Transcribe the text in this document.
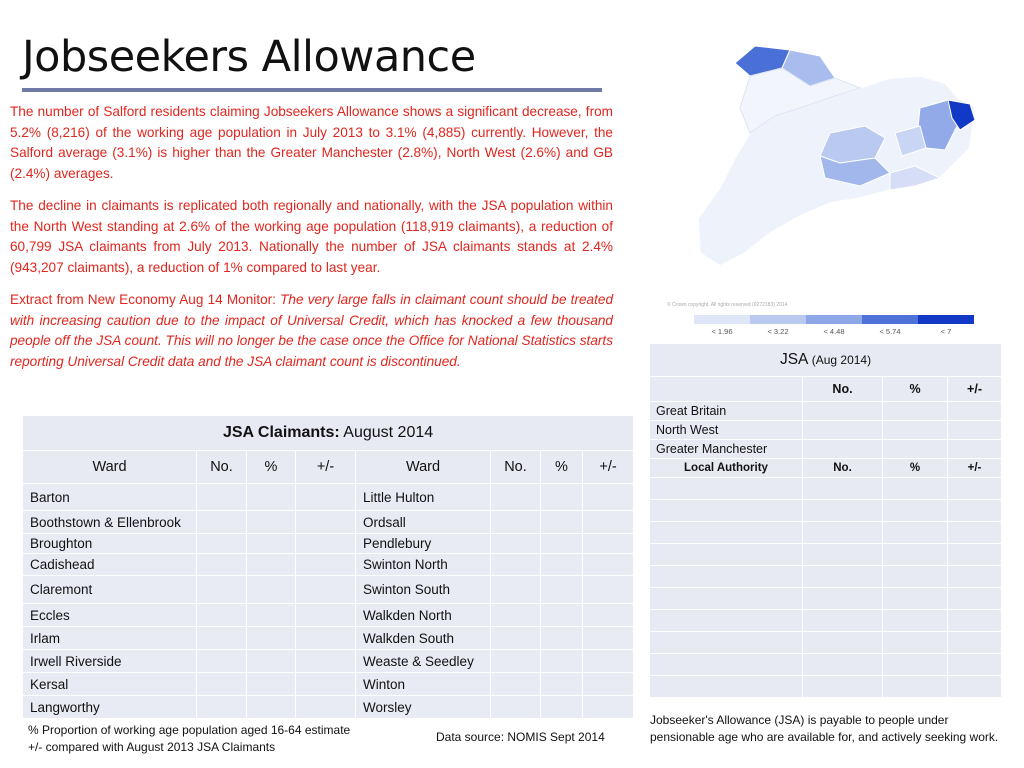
Jobseekers Allowance

The number of Salford residents claiming Jobseekers Allowance shows a significant decrease, from 5.2% (8,216) of the working age population in July 2013 to 3.1% (4,885) currently. However, the Salford average (3.1%) is higher than the Greater Manchester (2.8%), North West (2.6%) and GB (2.4%) averages.

The decline in claimants is replicated both regionally and nationally, with the JSA population within the North West standing at 2.6% of the working age population (118,919 claimants), a reduction of 60,799 JSA claimants from July 2013. Nationally the number of JSA claimants stands at 2.4% (943,207 claimants), a reduction of 1% compared to last year.

Extract from New Economy Aug 14 Monitor: The very large falls in claimant count should be treated with increasing caution due to the impact of Universal Credit, which has knocked a few thousand people off the JSA count. This will no longer be the case once the Office for National Statistics starts reporting Universal Credit data and the JSA claimant count is discontinued.

JSA Claimants: August 2014							
Ward	No.	%	+/-	Ward	No.	%	+/-
Barton				Little Hulton			
Boothstown & Ellenbrook				Ordsall			
Broughton				Pendlebury			
Cadishead				Swinton North			
Claremont				Swinton South			
Eccles				Walkden North			
Irlam				Walkden South			
Irwell Riverside				Weaste & Seedley			
Kersal				Winton			
Langworthy				Worsley			
% Proportion of working age population aged 16-64 estimate
+/- compared with August 2013 JSA Claimants
Data source: NOMIS Sept 2014
© Crown copyright. All rights reserved (0272183) 2014
< 1.96	< 3.22	< 4.48	< 5.74	< 7
JSA (Aug 2014)			
	No.	%	+/-
Great Britain			
North West			
Greater Manchester			
Local Authority	No.	%	+/-

Jobseeker's Allowance (JSA) is payable to people under pensionable age who are available for, and actively seeking work.
